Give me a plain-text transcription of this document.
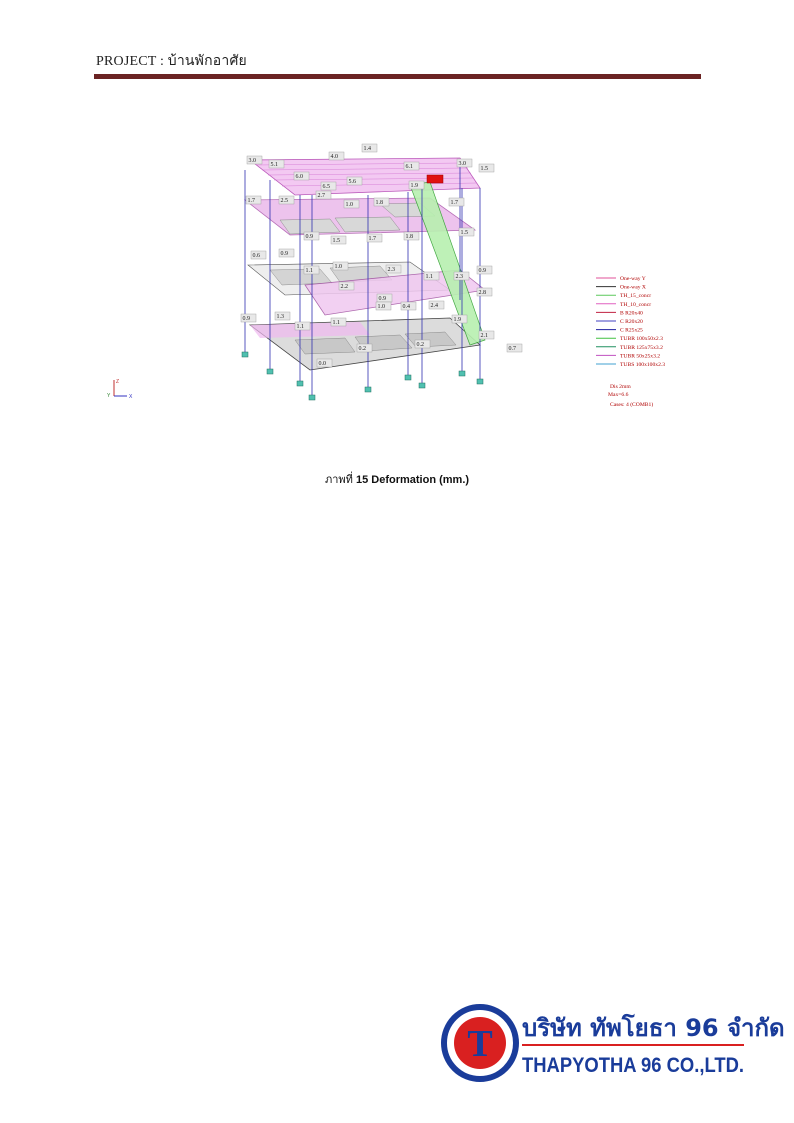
PROJECT : บ้านพักอาศัย
3.0
5.1
6.0
4.0
1.4
6.1	3.0
1.5
6.5
5.6
1.9
1.7	2.5
2.7
1.0	1.8	1.7
0.9
1.5	1.7	1.8
1.5
0.6	0.9
1.1
1.0	2.3
1.1	2.3
0.9
2.2
0.9
1.0	0.4	2.4
2.8
0.9	1.3
1.1
1.1	1.9
2.1
0.2
0.2
0.7
0.0
One-way Y
One-way X
TH_15_concr
TH_10_concr
B R20x40
C R20x20
C R25x25
TUBR 100x50x2.3
TUBR 125x75x3.2
TUBR 50x25x3.2
TUBS 100x100x2.3
Dis 2mm
Max=6.6
Cases: 4 (COMB1)
Z
Y	X
ภาพที่ 15 Deformation (mm.)
T บริษัท ทัพโยธา 96 จำกัด
THAPYOTHA 96 CO.,LTD.
